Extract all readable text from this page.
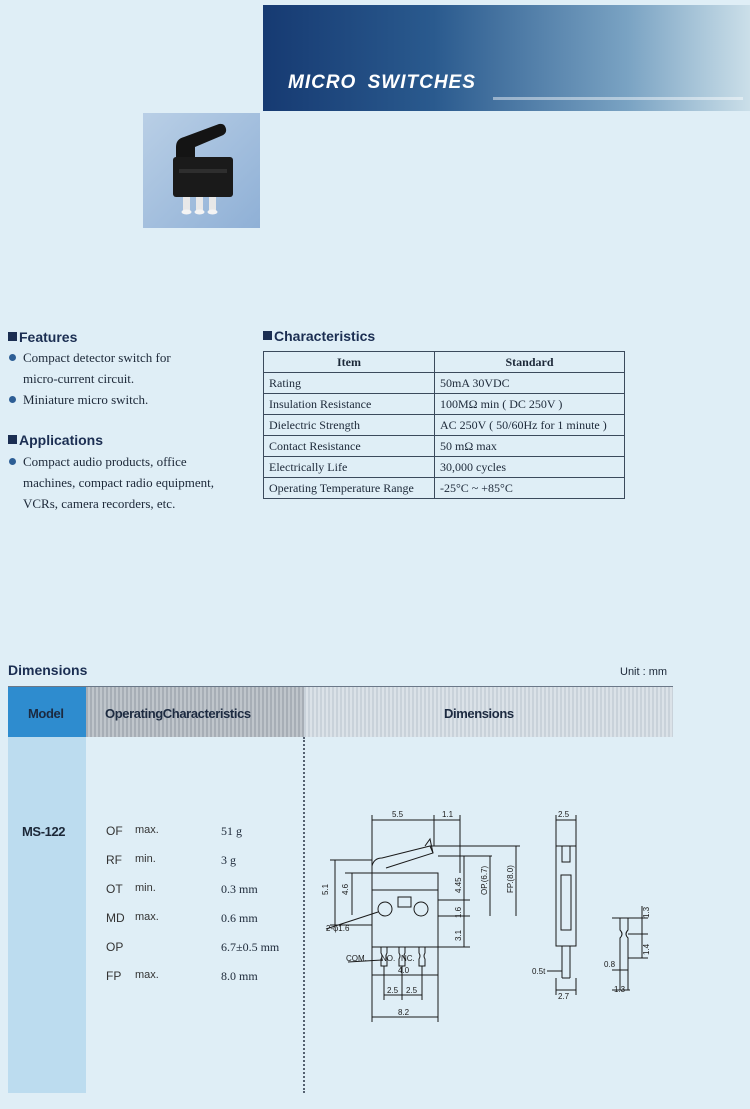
MICRO SWITCHES
Features
Compact detector switch for
micro-current circuit.
Miniature micro switch.
Applications
Compact audio products, office
machines, compact radio equipment,
VCRs, camera recorders, etc.
Characteristics
Item	Standard
Rating	50mA 30VDC
Insulation Resistance	100MΩ min ( DC 250V )
Dielectric Strength	AC 250V ( 50/60Hz for 1 minute )
Contact Resistance	50 mΩ max
Electrically Life	30,000 cycles
Operating Temperature Range	-25°C ~ +85°C
Dimensions	Unit : mm
Model	OperatingCharacteristics	Dimensions
MS-122	OF max.	51 g
RF min.	3 g
OT min.	0.3 mm
MD max.	0.6 mm
OP	6.7±0.5 mm
FP max.	8.0 mm
5.5	1.1	2.5
5.1 4.6	4.45 OP.(6.7) FP.(8.0)
2-φ1.6
1.6
3.1
COM. NO. NC.
4.0
2.5 2.5
8.2
0.5t
2.7
1.3
1.4
0.8
1.3
